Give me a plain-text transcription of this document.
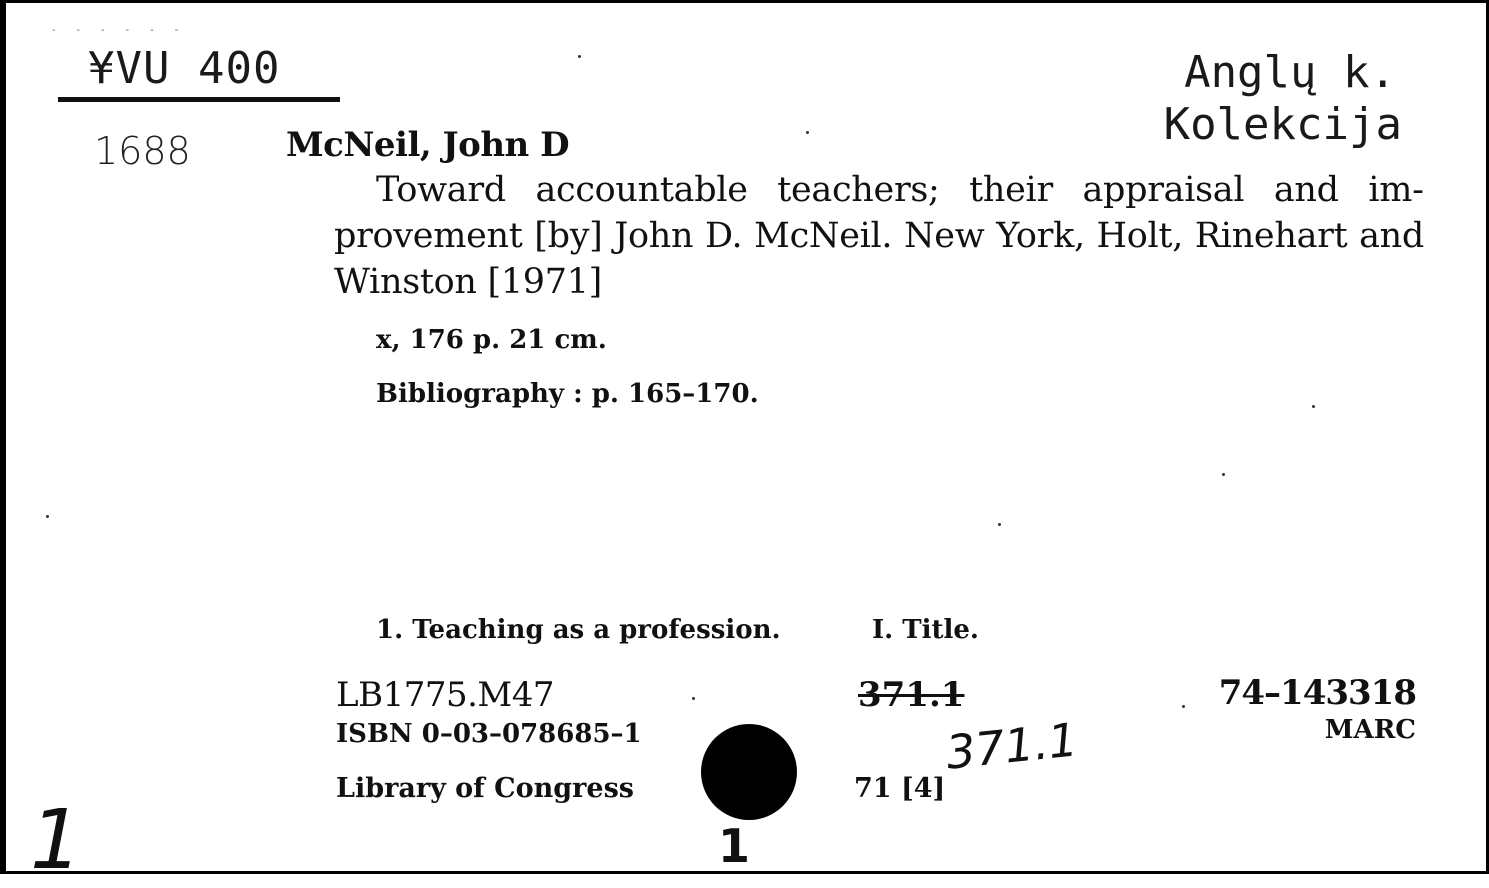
- - - - - -
¥VU 400	Anglų k.
Kolekcija
1688	McNeil, John D
Toward accountable teachers; their appraisal and improvement [by] John D. McNeil. New York, Holt, Rinehart and Winston [1971]
x, 176 p. 21 cm.
Bibliography : p. 165–170.
1. Teaching as a profession.	I. Title.
LB1775.M47
ISBN 0–03–078685–1
Library of Congress
371.1
371.1
71 [4]
74–143318
MARC
1	1
